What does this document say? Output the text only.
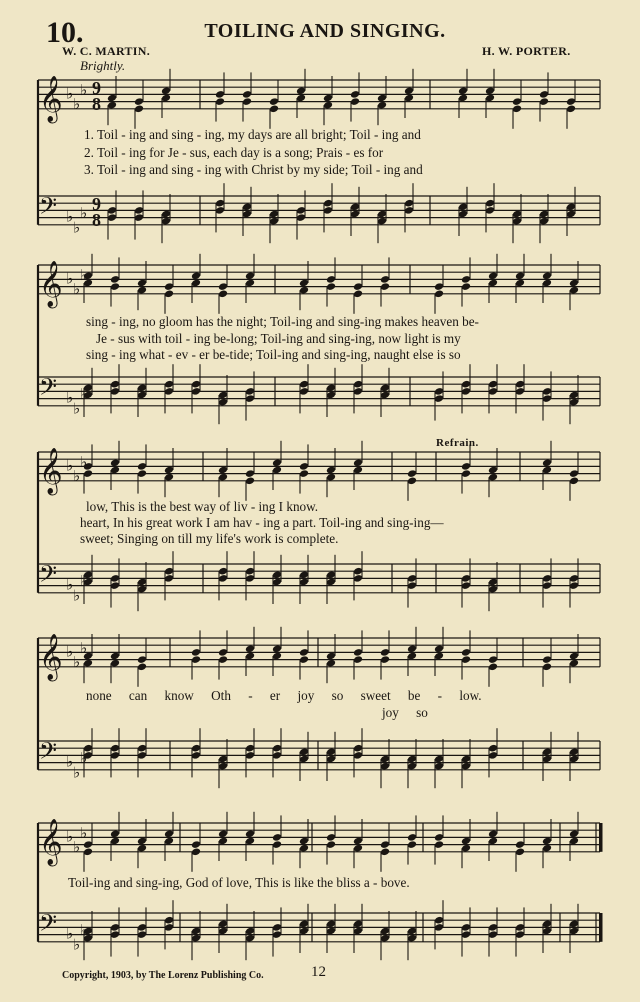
10.	TOILING AND SINGING.
W. C. MARTIN.	H. W. PORTER.
Brightly.
Refrain.
𝄞 ♭
♭
♭
𝄢 ♭
♭
♭
𝄞 ♭
♭
♭
𝄢 ♭
♭
♭
𝄞 ♭
♭
♭
𝄢 ♭
♭
♭
𝄞 ♭
♭
♭
𝄢 ♭
♭
♭
𝄞 ♭
♭
♭
𝄢 ♭
♭
♭
9
8
9
8
1. Toil - ing and sing - ing, my days are all bright; Toil - ing and
2. Toil - ing for Je - sus, each day is a song; Prais - es for
3. Toil - ing and sing - ing with Christ by my side; Toil - ing and
sing - ing, no gloom has the night; Toil-ing and sing-ing makes heaven be-
Je - sus with toil - ing be-long; Toil-ing and sing-ing, now light is my
sing - ing what - ev - er be-tide; Toil-ing and sing-ing, naught else is so
low, This is the best way of liv - ing I know.
heart, In his great work I am hav - ing a part. Toil-ing and sing-ing—
sweet; Singing on till my life's work is complete.
none can know Oth - er joy so sweet be - low.
joy so
Toil-ing and sing-ing, God of love, This is like the bliss a - bove.
Copyright, 1903, by The Lorenz Publishing Co.	12
